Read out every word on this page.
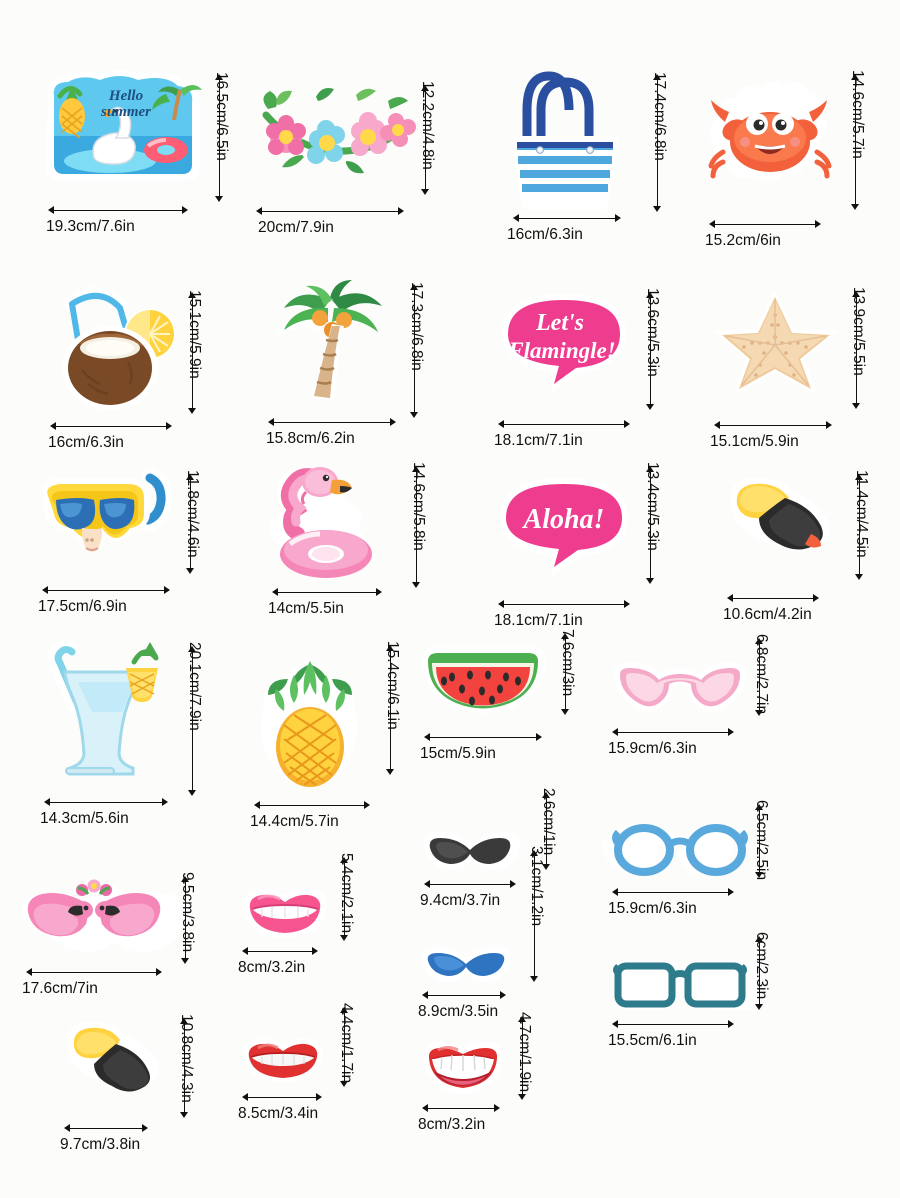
Hello
summer
19.3cm/7.6in
16.5cm/6.5in
20cm/7.9in
12.2cm/4.8in
16cm/6.3in
17.4cm/6.8in
15.2cm/6in
14.6cm/5.7in
16cm/6.3in
15.1cm/5.9in
15.8cm/6.2in
17.3cm/6.8in	Let's
Flamingle!
18.1cm/7.1in
13.6cm/5.3in
15.1cm/5.9in
13.9cm/5.5in
17.5cm/6.9in
11.8cm/4.6in
14cm/5.5in
14.6cm/5.8in	Aloha!
18.1cm/7.1in
13.4cm/5.3in
10.6cm/4.2in
11.4cm/4.5in
14.3cm/5.6in
20.1cm/7.9in
14.4cm/5.7in
15.4cm/6.1in
15cm/5.9in
7.6cm/3in
15.9cm/6.3in
6.8cm/2.7in
9.4cm/3.7in
2.6cm/1in
15.9cm/6.3in
6.5cm/2.5in
17.6cm/7in
9.5cm/3.8in
8cm/3.2in
5.4cm/2.1in
8.9cm/3.5in
3.1cm/1.2in
15.5cm/6.1in
6cm/2.3in
9.7cm/3.8in
10.8cm/4.3in
8.5cm/3.4in
4.4cm/1.7in
8cm/3.2in
4.7cm/1.9in
